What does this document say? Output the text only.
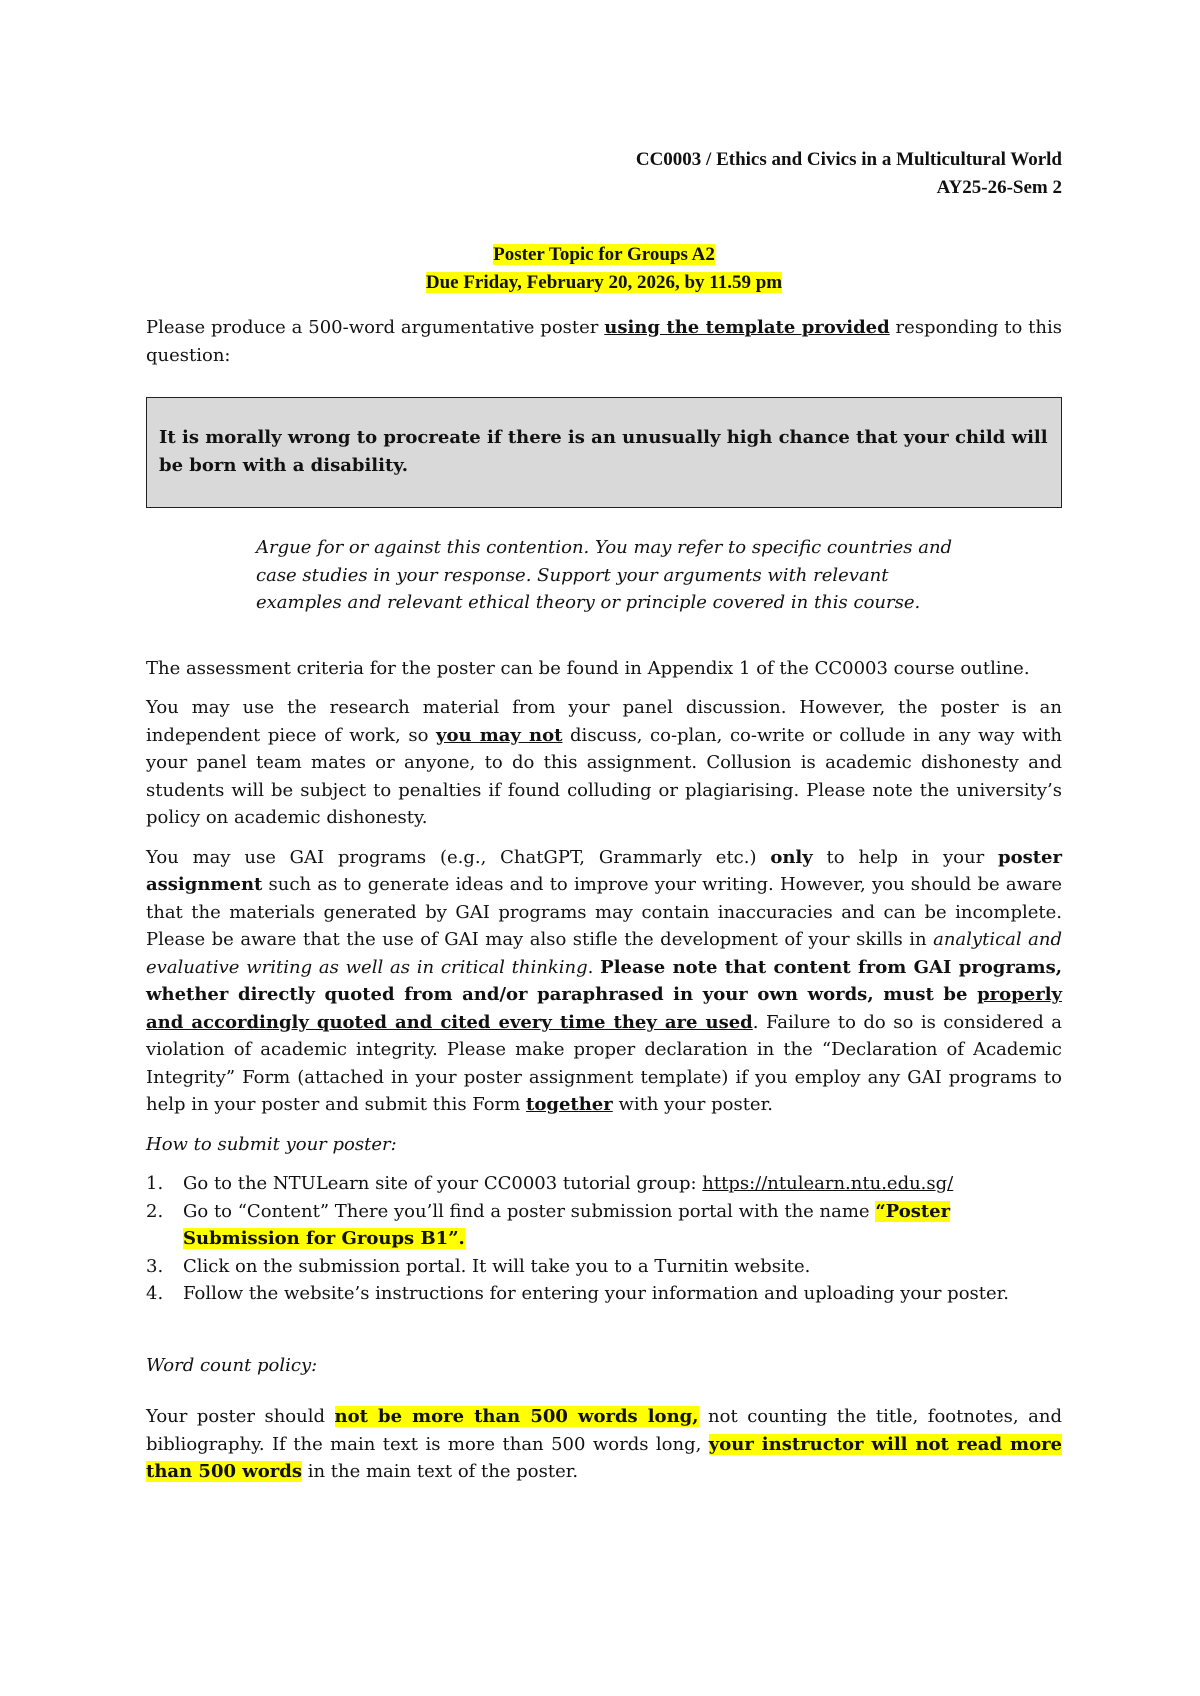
CC0003 / Ethics and Civics in a Multicultural World
AY25-26-Sem 2
Poster Topic for Groups A2
Due Friday, February 20, 2026, by 11.59 pm

Please produce a 500-word argumentative poster using the template provided responding to this question:

It is morally wrong to procreate if there is an unusually high chance that your child will be born with a disability.
Argue for or against this contention. You may refer to specific countries and case studies in your response. Support your arguments with relevant examples and relevant ethical theory or principle covered in this course.

The assessment criteria for the poster can be found in Appendix 1 of the CC0003 course outline.

You may use the research material from your panel discussion. However, the poster is an independent piece of work, so you may not discuss, co-plan, co-write or collude in any way with your panel team mates or anyone, to do this assignment. Collusion is academic dishonesty and students will be subject to penalties if found colluding or plagiarising. Please note the university’s policy on academic dishonesty.

You may use GAI programs (e.g., ChatGPT, Grammarly etc.) only to help in your poster assignment such as to generate ideas and to improve your writing. However, you should be aware that the materials generated by GAI programs may contain inaccuracies and can be incomplete. Please be aware that the use of GAI may also stifle the development of your skills in analytical and evaluative writing as well as in critical thinking. Please note that content from GAI programs, whether directly quoted from and/or paraphrased in your own words, must be properly and accordingly quoted and cited every time they are used. Failure to do so is considered a violation of academic integrity. Please make proper declaration in the “Declaration of Academic Integrity” Form (attached in your poster assignment template) if you employ any GAI programs to help in your poster and submit this Form together with your poster.

How to submit your poster:

1. Go to the NTULearn site of your CC0003 tutorial group: https://ntulearn.ntu.edu.sg/
2. Go to “Content” There you’ll find a poster submission portal with the name “Poster Submission for Groups B1”.
3. Click on the submission portal. It will take you to a Turnitin website.
4. Follow the website’s instructions for entering your information and uploading your poster.

Word count policy:

Your poster should not be more than 500 words long, not counting the title, footnotes, and bibliography. If the main text is more than 500 words long, your instructor will not read more than 500 words in the main text of the poster.
